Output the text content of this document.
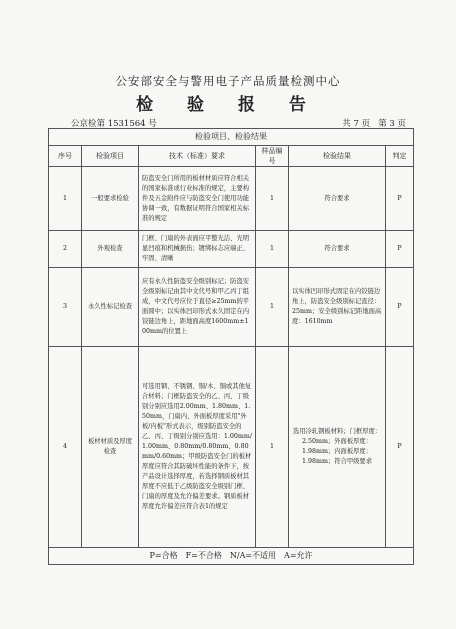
公安部安全与警用电子产品质量检测中心
检 验 报 告
公京检第 1531564 号	共 7 页 第 3 页
检验项目、检验结果					
序号	检验项目	技术（标准）要求	样品编号	检验结果	判定
1	一般要求检验	防盗安全门所用的板材材质应符合相关的国家标准或行业标准的规定，主要构件及五金附件应与防盗安全门使用功能协调一致，有数据证明符合国家相关标准的规定	1	符合要求	P
2	外观检查	门框、门扇的外表面应平整光洁、光明显凹痕和机械损伤；镀绑标志应端正、牢固、清晰	1	符合要求	P
3	永久性标记检查	应有永久性防盗安全级别标记；防盗安全级别标记由其中文代号和甲乙丙丁组成，中文代号应位于直径≥25mm的平面圆中；以实体凹印形式永久固定在内铰链边角上，距地面高度1600mm±100mm的位置上	1	以实体凹印形式固定在内铰链边角上，防盗安全级别标记直径：25mm；安全级别标记距地面高度：1610mm	P
4	板材材质及厚度检查	可选用钢、不锈钢、铜/木、铜或其他复合材料；门框防盗安全的乙、丙、丁级别分别应选用2.00mm、1.80mm、1.50mm，门扇内、外面板厚度采用"外板/内板"形式表示，级别防盗安全的乙、丙、丁级别分别应选用：1.00mm/1.00mm、0.80mm/0.80mm、0.80mm/0.60mm；甲级防盗安全门的板材厚度应符合其防破坏性能的条件下，按产品设计选择厚度，若选择钢质板材其厚度不应低于乙级防盗安全级别门框、门扇的厚度及允许偏差要求。钢质板材厚度允许偏差应符合表1的规定	1	选用冷轧钢板材料；门框厚度：2.50mm；外面板厚度：1.98mm；内面板厚度：1.98mm；符合甲级要求	P
P=合格　F=不合格　N/A=不适用　A=允许					
